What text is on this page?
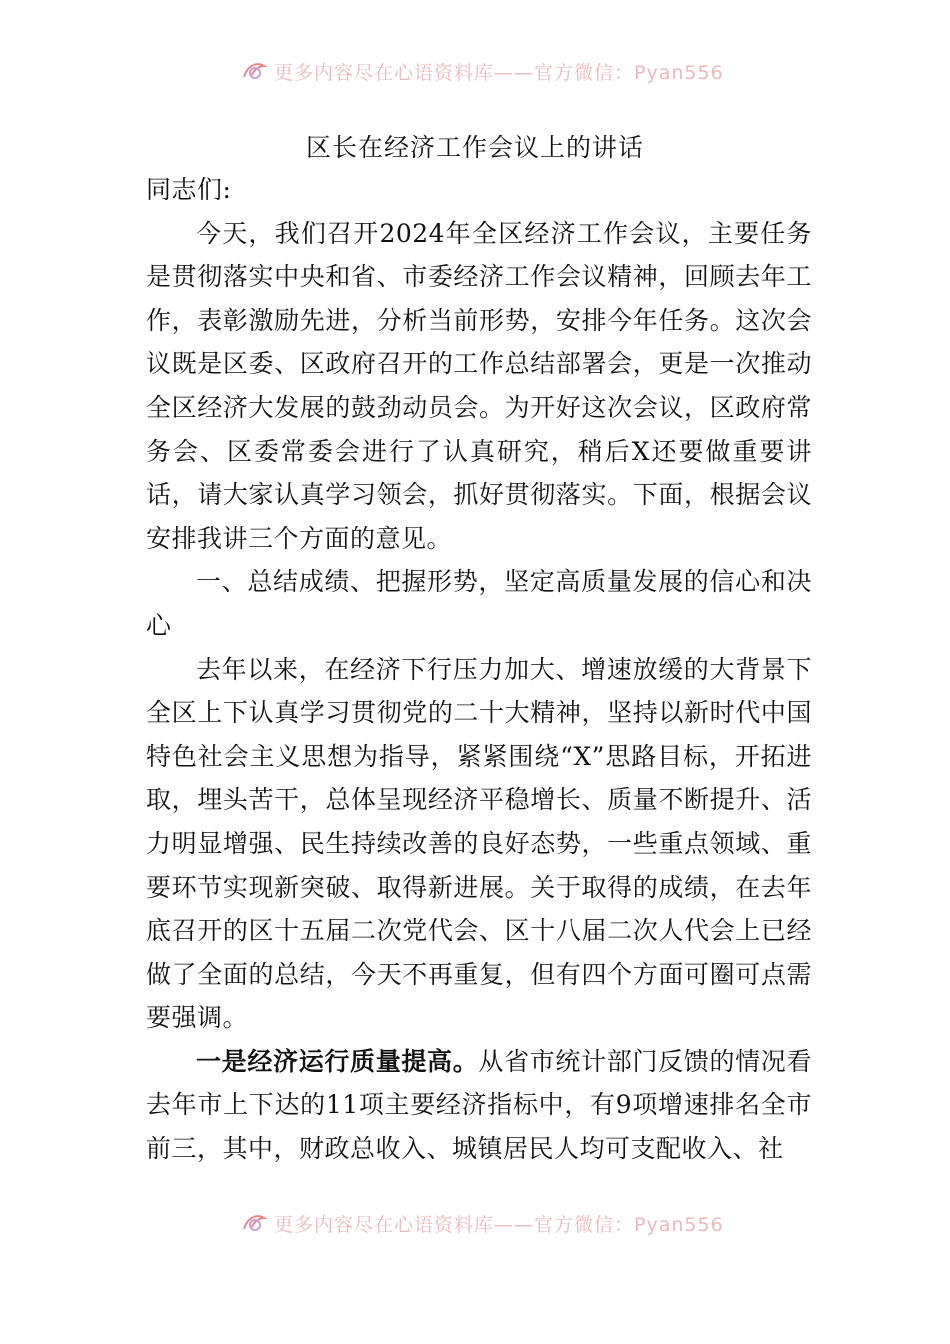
更多内容尽在心语资料库——官方微信：Pyan556
区长在经济工作会议上的讲话

同志们:

今天，我们召开2024年全区经济工作会议，主要任务是贯彻落实中央和省、市委经济工作会议精神，回顾去年工作，表彰激励先进，分析当前形势，安排今年任务。这次会议既是区委、区政府召开的工作总结部署会，更是一次推动全区经济大发展的鼓劲动员会。为开好这次会议，区政府常务会、区委常委会进行了认真研究，稍后X还要做重要讲话，请大家认真学习领会，抓好贯彻落实。下面，根据会议安排我讲三个方面的意见。

一、总结成绩、把握形势，坚定高质量发展的信心和决心

去年以来，在经济下行压力加大、增速放缓的大背景下全区上下认真学习贯彻党的二十大精神，坚持以新时代中国特色社会主义思想为指导，紧紧围绕“X”思路目标，开拓进取，埋头苦干，总体呈现经济平稳增长、质量不断提升、活力明显增强、民生持续改善的良好态势，一些重点领域、重要环节实现新突破、取得新进展。关于取得的成绩，在去年底召开的区十五届二次党代会、区十八届二次人代会上已经做了全面的总结，今天不再重复，但有四个方面可圈可点需要强调。

一是经济运行质量提高。从省市统计部门反馈的情况看去年市上下达的11项主要经济指标中，有9项增速排名全市前三，其中，财政总收入、城镇居民人均可支配收入、社

更多内容尽在心语资料库——官方微信：Pyan556
